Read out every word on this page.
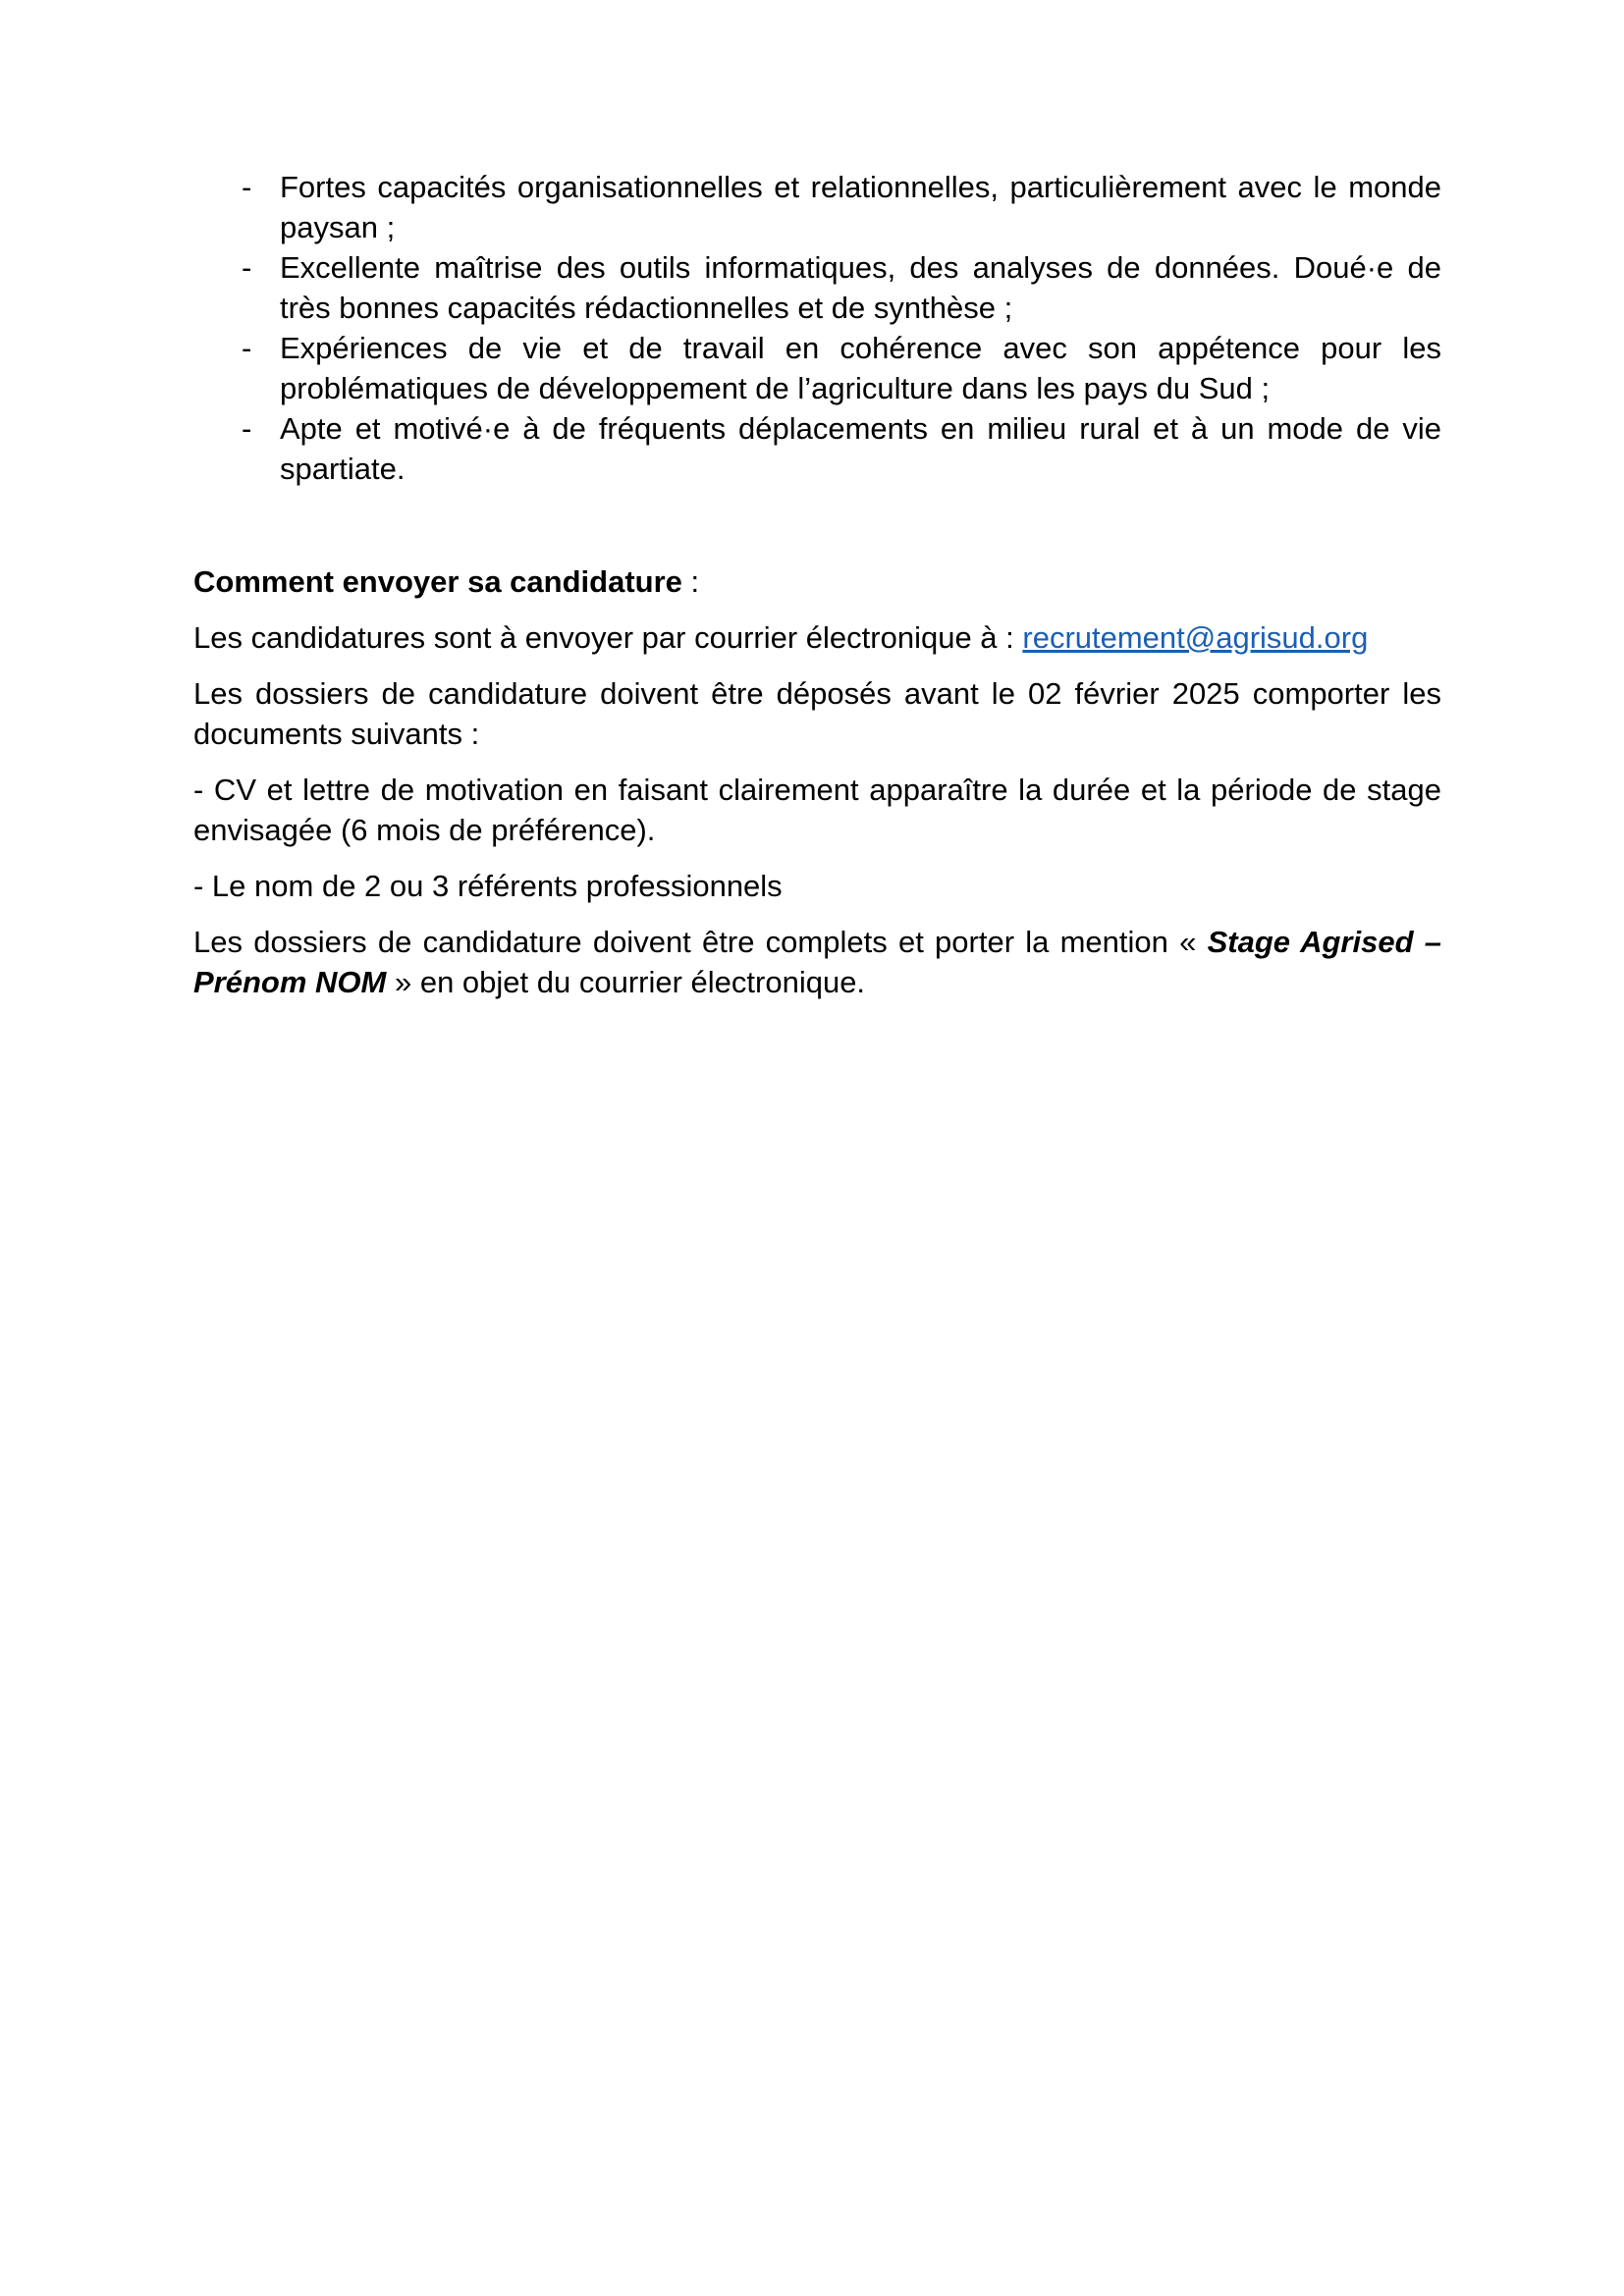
- Fortes capacités organisationnelles et relationnelles, particulièrement avec le monde paysan ;
- Excellente maîtrise des outils informatiques, des analyses de données. Doué·e de très bonnes capacités rédactionnelles et de synthèse ;
- Expériences de vie et de travail en cohérence avec son appétence pour les problématiques de développement de l’agriculture dans les pays du Sud ;
- Apte et motivé·e à de fréquents déplacements en milieu rural et à un mode de vie spartiate.

Comment envoyer sa candidature :

Les candidatures sont à envoyer par courrier électronique à : recrutement@agrisud.org

Les dossiers de candidature doivent être déposés avant le 02 février 2025 comporter les documents suivants :

- CV et lettre de motivation en faisant clairement apparaître la durée et la période de stage envisagée (6 mois de préférence).

- Le nom de 2 ou 3 référents professionnels

Les dossiers de candidature doivent être complets et porter la mention « Stage Agrised – Prénom NOM » en objet du courrier électronique.
